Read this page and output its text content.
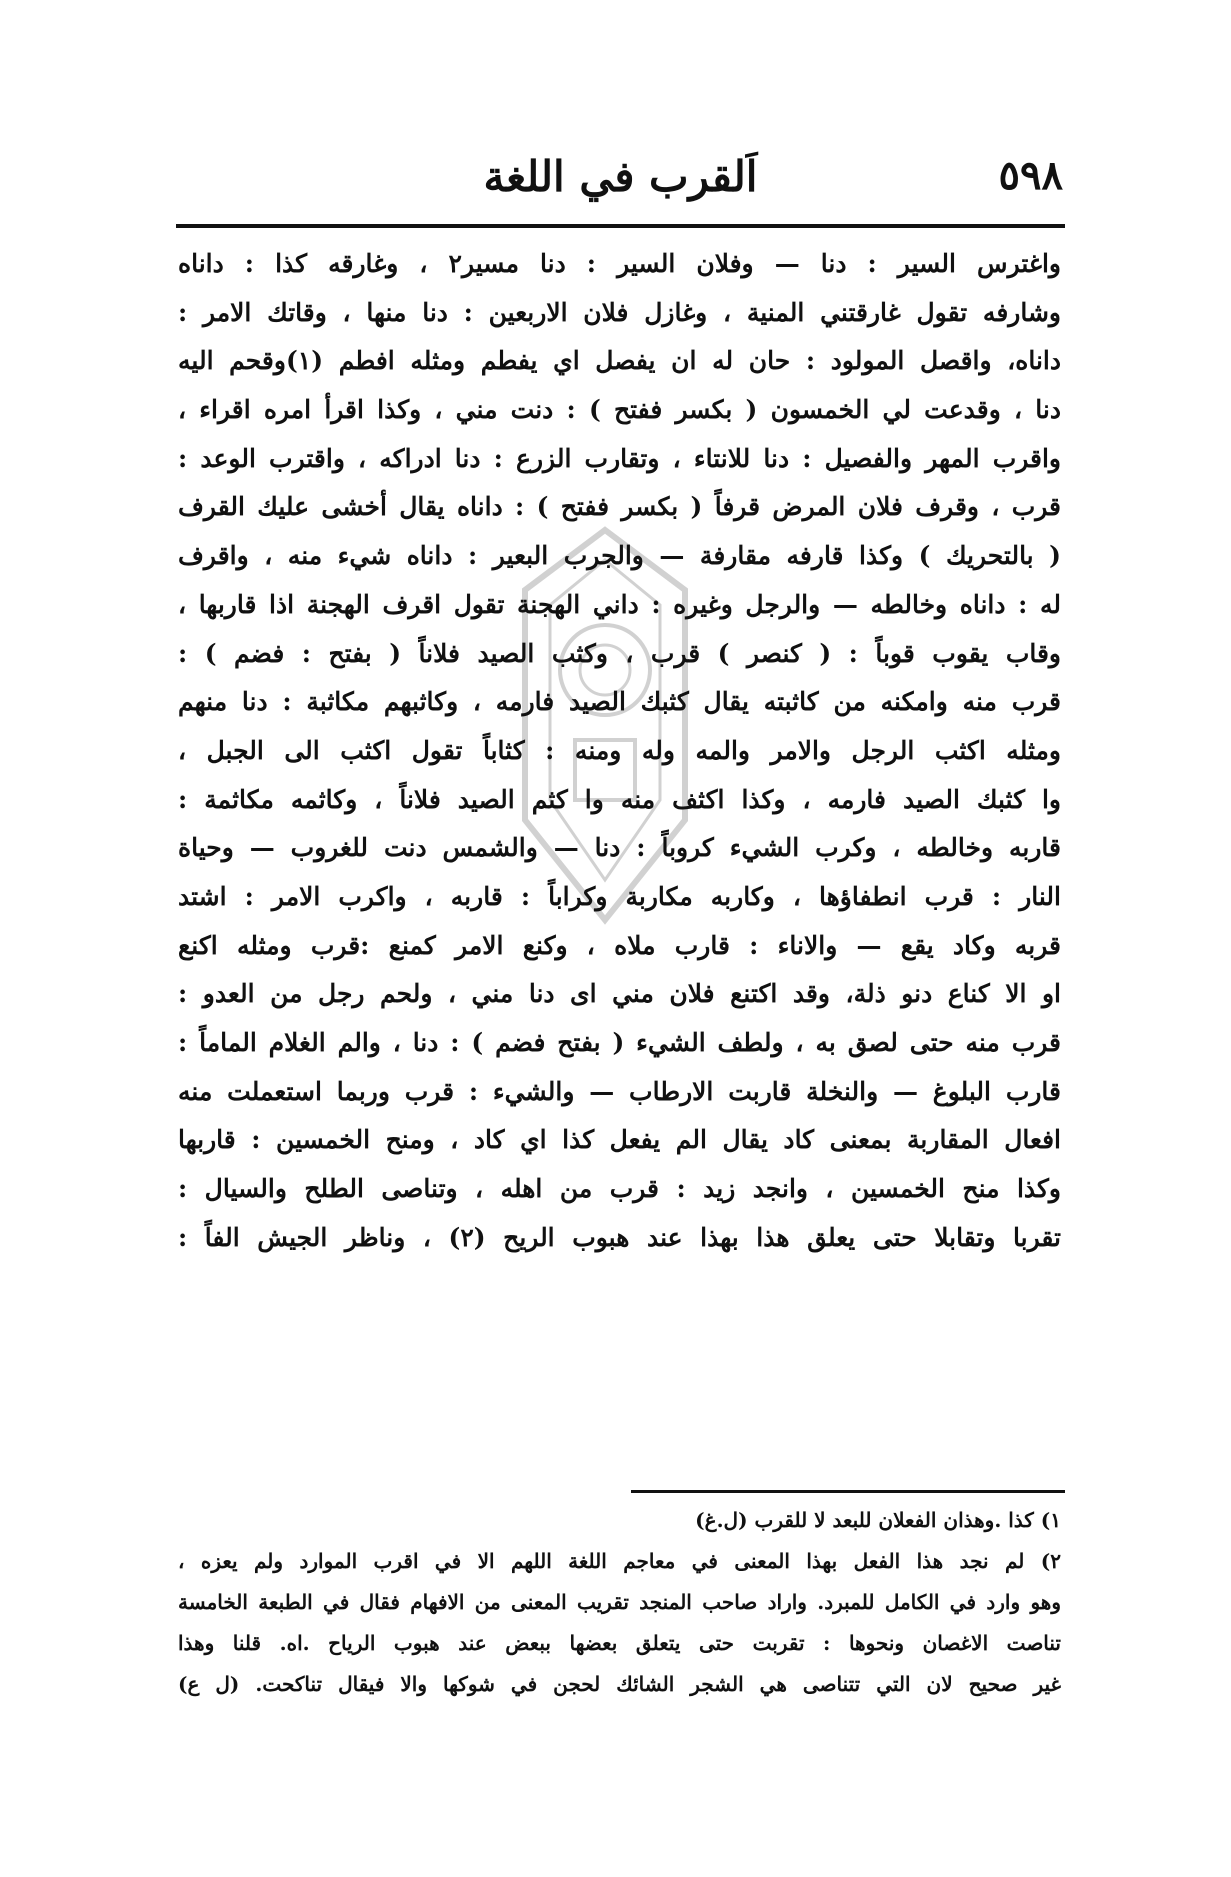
٥٩٨
اَلقرب في اللغة
واغترس السير : دنا — وفلان السير : دنا مسير٢ ، وغارقه كذا : داناه
وشارفه تقول غارقتني المنية ، وغازل فلان الاربعين : دنا منها ، وقاتك الامر :
داناه، واقصل المولود : حان له ان يفصل اي يفطم ومثله افطم (١)وقحم اليه
دنا ، وقدعت لي الخمسون ( بكسر ففتح ) : دنت مني ، وكذا اقرأ امره اقراء ،
واقرب المهر والفصيل : دنا للانتاء ، وتقارب الزرع : دنا ادراكه ، واقترب الوعد :
قرب ، وقرف فلان المرض قرفاً ( بكسر ففتح ) : داناه يقال أخشى عليك القرف
( بالتحريك ) وكذا قارفه مقارفة — والجرب البعير : داناه شيء منه ، واقرف
له : داناه وخالطه — والرجل وغيره : داني الهجنة تقول اقرف الهجنة اذا قاربها ،
وقاب يقوب قوباً : ( كنصر ) قرب ، وكثب الصيد فلاناً ( بفتح : فضم ) :
قرب منه وامكنه من كاثبته يقال كثبك الصيد فارمه ، وكاثبهم مكاثبة : دنا منهم
ومثله اكثب الرجل والامر والمه وله ومنه : كثاباً تقول اكثب الى الجبل ،
وا كثبك الصيد فارمه ، وكذا اكثف منه وا كثم الصيد فلاناً ، وكاثمه مكاثمة :
قاربه وخالطه ، وكرب الشيء كروباً : دنا — والشمس دنت للغروب — وحياة
النار : قرب انطفاؤها ، وكاربه مكاربة وكراباً : قاربه ، واكرب الامر : اشتد
قربه وكاد يقع — والاناء : قارب ملاه ، وكنع الامر كمنع :قرب ومثله اكنع
او الا كناع دنو ذلة، وقد اكتنع فلان مني اى دنا مني ، ولحم رجل من العدو :
قرب منه حتى لصق به ، ولطف الشيء ( بفتح فضم ) : دنا ، والم الغلام الماماً :
قارب البلوغ — والنخلة قاربت الارطاب — والشيء : قرب وربما استعملت منه
افعال المقاربة بمعنى كاد يقال الم يفعل كذا اي كاد ، ومنح الخمسين : قاربها
وكذا منح الخمسين ، وانجد زيد : قرب من اهله ، وتناصى الطلح والسيال :
تقربا وتقابلا حتى يعلق هذا بهذا عند هبوب الريح (٢) ، وناظر الجيش الفاً :
١) كذا .وهذان الفعلان للبعد لا للقرب (ل.غ)
٢) لم نجد هذا الفعل بهذا المعنى في معاجم اللغة اللهم الا في اقرب الموارد ولم يعزه ،
وهو وارد في الكامل للمبرد. واراد صاحب المنجد تقريب المعنى من الافهام فقال في الطبعة الخامسة
تناصت الاغصان ونحوها : تقربت حتى يتعلق بعضها ببعض عند هبوب الرياح .اه. قلنا وهذا
غير صحيح لان التي تتناصى هي الشجر الشائك لحجن في شوكها والا فيقال تناكحت. (ل ع)
